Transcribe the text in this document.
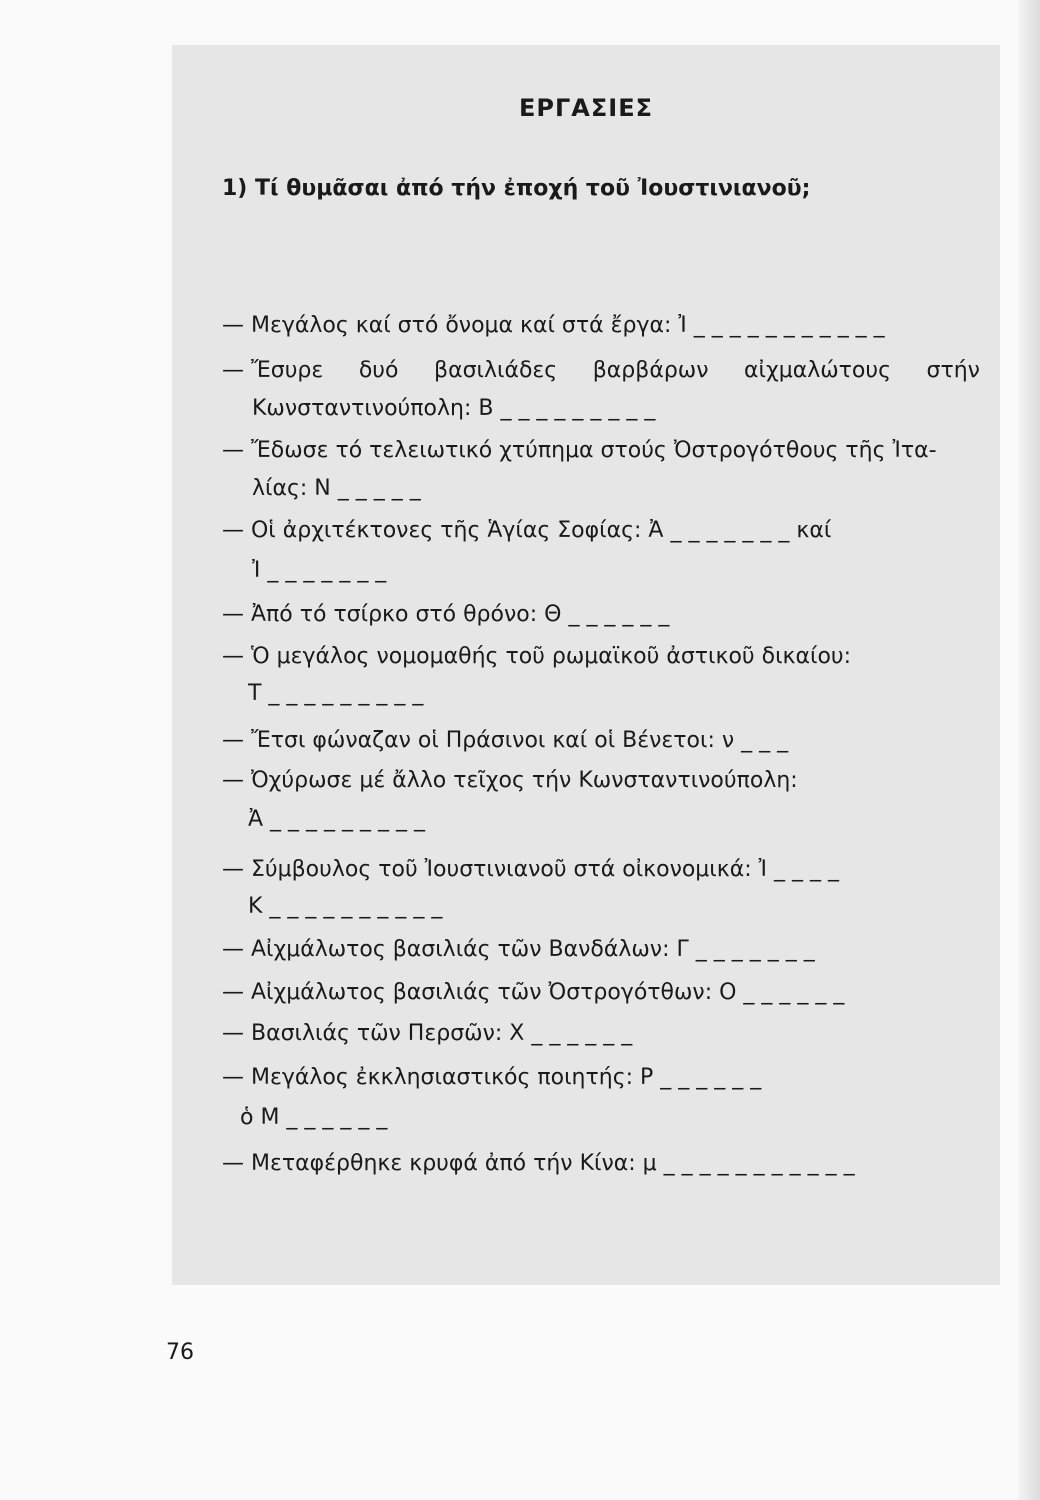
ΕΡΓΑΣΙΕΣ
1) Τί θυμᾶσαι ἀπό τήν ἐποχή τοῦ Ἰουστινιανοῦ;
— Μεγάλος καί στό ὄνομα καί στά ἔργα: Ἰ _ _ _ _ _ _ _ _ _ _ _
— Ἔσυρε δυό βασιλιάδες βαρβάρων αἰχμαλώτους στήν
Κωνσταντινούπολη: Β _ _ _ _ _ _ _ _ _
— Ἔδωσε τό τελειωτικό χτύπημα στούς Ὀστρογότθους τῆς Ἰτα-
λίας: Ν _ _ _ _ _
— Οἱ ἀρχιτέκτονες τῆς Ἁγίας Σοφίας: Ἀ _ _ _ _ _ _ _ καί
Ἰ _ _ _ _ _ _ _
— Ἀπό τό τσίρκο στό θρόνο: Θ _ _ _ _ _ _
— Ὁ μεγάλος νομομαθής τοῦ ρωμαϊκοῦ ἀστικοῦ δικαίου:
Τ _ _ _ _ _ _ _ _ _
— Ἔτσι φώναζαν οἱ Πράσινοι καί οἱ Βένετοι: ν _ _ _
— Ὀχύρωσε μέ ἄλλο τεῖχος τήν Κωνσταντινούπολη:
Ἀ _ _ _ _ _ _ _ _ _
— Σύμβουλος τοῦ Ἰουστινιανοῦ στά οἰκονομικά: Ἰ _ _ _ _
Κ _ _ _ _ _ _ _ _ _ _
— Αἰχμάλωτος βασιλιάς τῶν Βανδάλων: Γ _ _ _ _ _ _ _
— Αἰχμάλωτος βασιλιάς τῶν Ὀστρογότθων: Ο _ _ _ _ _ _
— Βασιλιάς τῶν Περσῶν: Χ _ _ _ _ _ _
— Μεγάλος ἐκκλησιαστικός ποιητής: Ρ _ _ _ _ _ _
ὁ Μ _ _ _ _ _ _
— Μεταφέρθηκε κρυφά ἀπό τήν Κίνα: μ _ _ _ _ _ _ _ _ _ _ _
76
